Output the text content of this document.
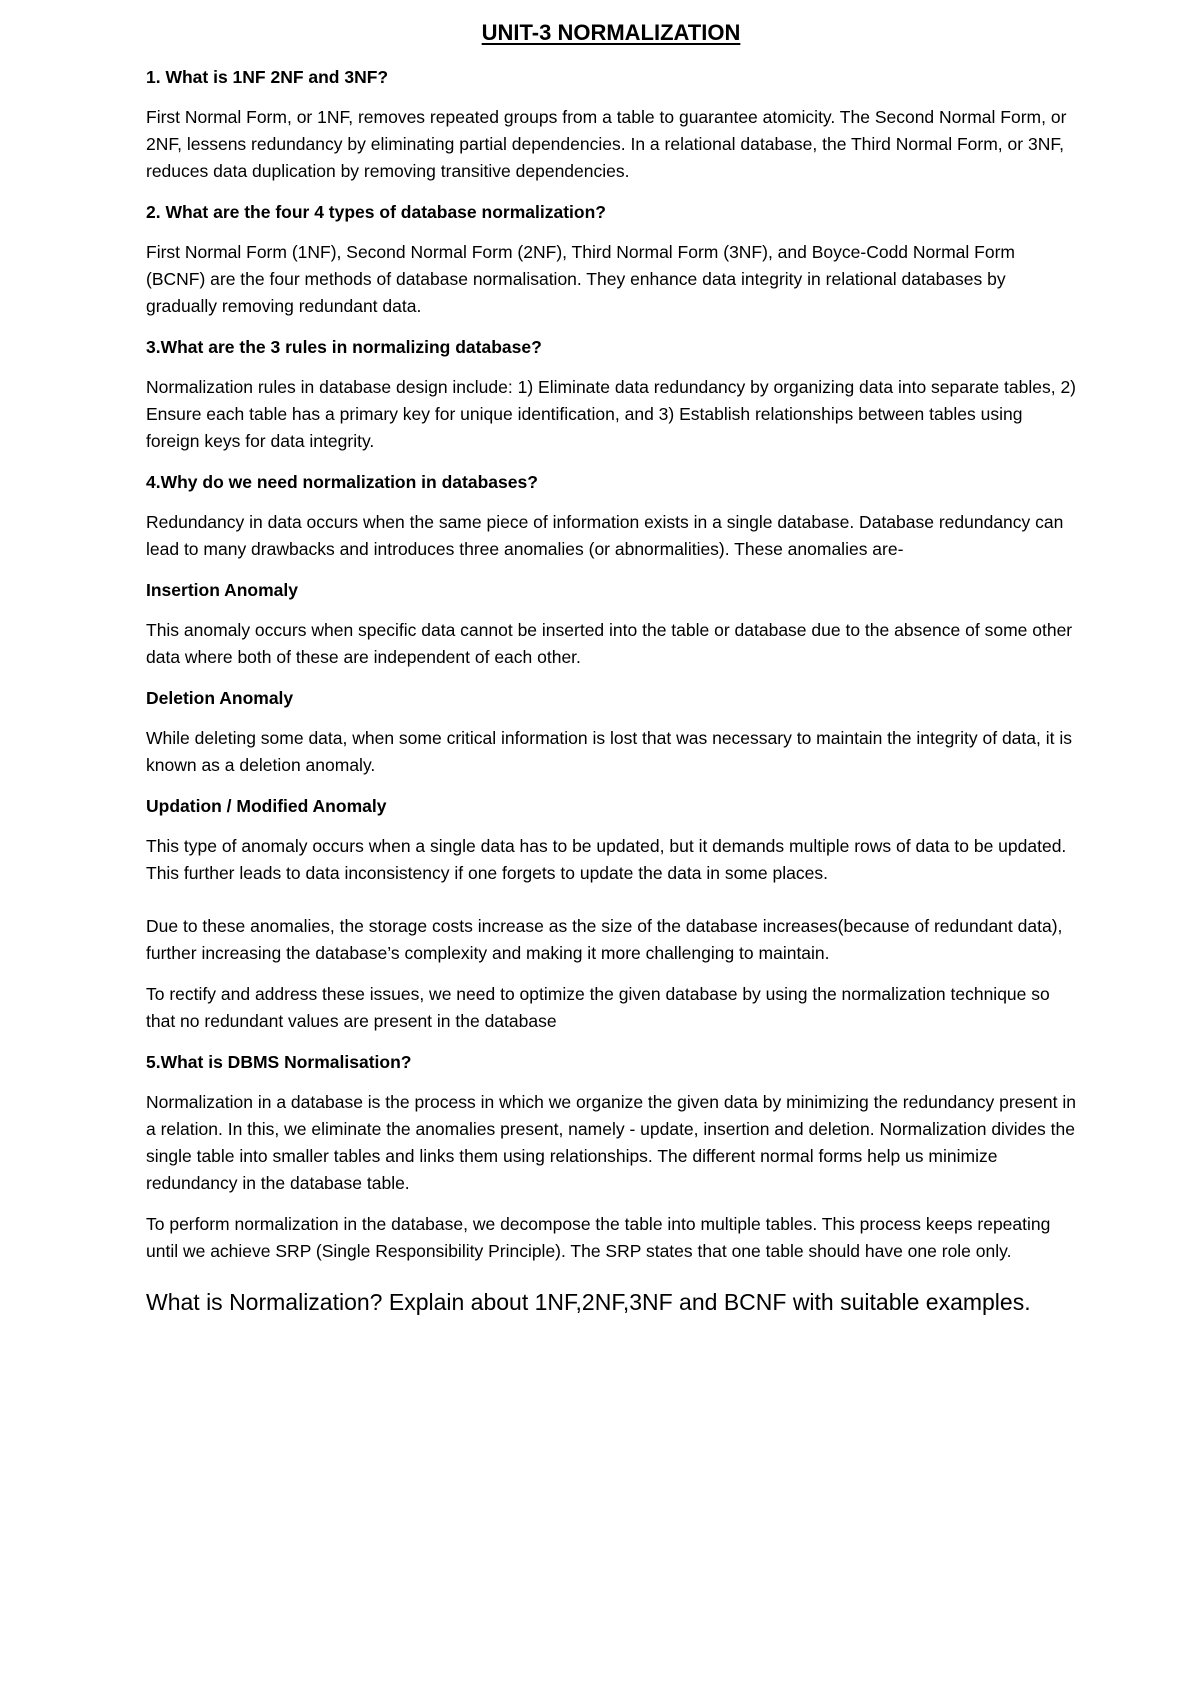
UNIT-3 NORMALIZATION
1. What is 1NF 2NF and 3NF?
First Normal Form, or 1NF, removes repeated groups from a table to guarantee atomicity. The Second Normal Form, or 2NF, lessens redundancy by eliminating partial dependencies. In a relational database, the Third Normal Form, or 3NF, reduces data duplication by removing transitive dependencies.
2. What are the four 4 types of database normalization?
First Normal Form (1NF), Second Normal Form (2NF), Third Normal Form (3NF), and Boyce-Codd Normal Form (BCNF) are the four methods of database normalisation. They enhance data integrity in relational databases by gradually removing redundant data.
3.What are the 3 rules in normalizing database?
Normalization rules in database design include: 1) Eliminate data redundancy by organizing data into separate tables, 2) Ensure each table has a primary key for unique identification, and 3) Establish relationships between tables using foreign keys for data integrity.
4.Why do we need normalization in databases?
Redundancy in data occurs when the same piece of information exists in a single database. Database redundancy can lead to many drawbacks and introduces three anomalies (or abnormalities). These anomalies are-
Insertion Anomaly
This anomaly occurs when specific data cannot be inserted into the table or database due to the absence of some other data where both of these are independent of each other.
Deletion Anomaly
While deleting some data, when some critical information is lost that was necessary to maintain the integrity of data, it is known as a deletion anomaly.
Updation / Modified Anomaly
This type of anomaly occurs when a single data has to be updated, but it demands multiple rows of data to be updated. This further leads to data inconsistency if one forgets to update the data in some places.
Due to these anomalies, the storage costs increase as the size of the database increases(because of redundant data), further increasing the database’s complexity and making it more challenging to maintain.
To rectify and address these issues, we need to optimize the given database by using the normalization technique so that no redundant values are present in the database
5.What is DBMS Normalisation?
Normalization in a database is the process in which we organize the given data by minimizing the redundancy present in a relation. In this, we eliminate the anomalies present, namely - update, insertion and deletion. Normalization divides the single table into smaller tables and links them using relationships. The different normal forms help us minimize redundancy in the database table.
To perform normalization in the database, we decompose the table into multiple tables. This process keeps repeating until we achieve SRP (Single Responsibility Principle). The SRP states that one table should have one role only.
What is Normalization? Explain about 1NF,2NF,3NF and BCNF with suitable examples.
